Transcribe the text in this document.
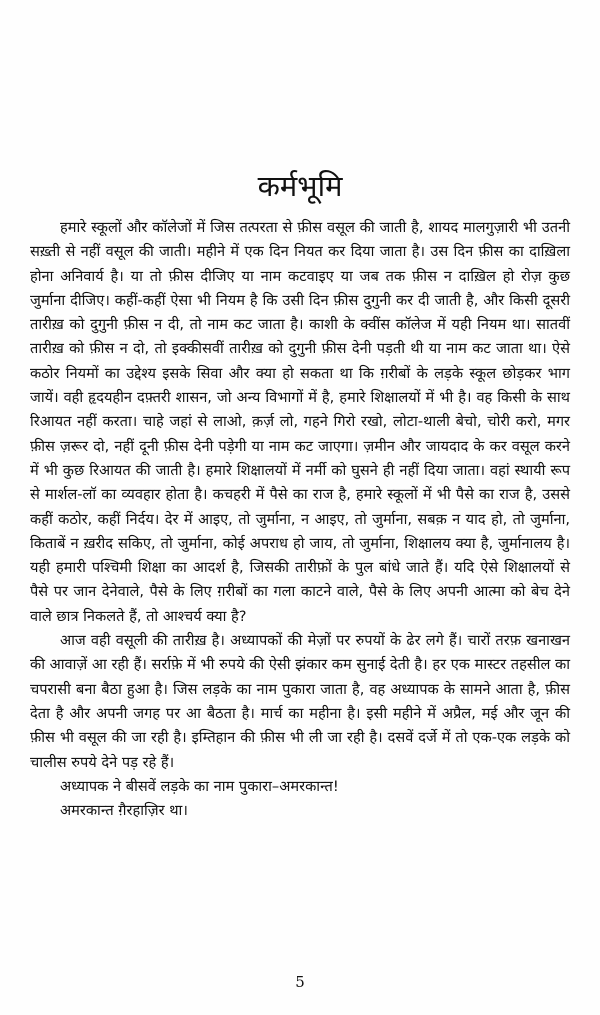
कर्मभूमि

हमारे स्कूलों और कॉलेजों में जिस तत्परता से फ़ीस वसूल की जाती है, शायद मालगुज़ारी भी उतनी सख़्ती से नहीं वसूल की जाती। महीने में एक दिन नियत कर दिया जाता है। उस दिन फ़ीस का दाख़िला होना अनिवार्य है। या तो फ़ीस दीजिए या नाम कटवाइए या जब तक फ़ीस न दाख़िल हो रोज़ कुछ जुर्माना दीजिए। कहीं-कहीं ऐसा भी नियम है कि उसी दिन फ़ीस दुगुनी कर दी जाती है, और किसी दूसरी तारीख़ को दुगुनी फ़ीस न दी, तो नाम कट जाता है। काशी के क्वींस कॉलेज में यही नियम था। सातवीं तारीख़ को फ़ीस न दो, तो इक्कीसवीं तारीख़ को दुगुनी फ़ीस देनी पड़ती थी या नाम कट जाता था। ऐसे कठोर नियमों का उद्देश्य इसके सिवा और क्या हो सकता था कि ग़रीबों के लड़के स्कूल छोड़कर भाग जायें। वही हृदयहीन दफ़्तरी शासन, जो अन्य विभागों में है, हमारे शिक्षालयों में भी है। वह किसी के साथ रिआयत नहीं करता। चाहे जहां से लाओ, क़र्ज़ लो, गहने गिरो रखो, लोटा-थाली बेचो, चोरी करो, मगर फ़ीस ज़रूर दो, नहीं दूनी फ़ीस देनी पड़ेगी या नाम कट जाएगा। ज़मीन और जायदाद के कर वसूल करने में भी कुछ रिआयत की जाती है। हमारे शिक्षालयों में नर्मी को घुसने ही नहीं दिया जाता। वहां स्थायी रूप से मार्शल-लॉ का व्यवहार होता है। कचहरी में पैसे का राज है, हमारे स्कूलों में भी पैसे का राज है, उससे कहीं कठोर, कहीं निर्दय। देर में आइए, तो जुर्माना, न आइए, तो जुर्माना, सबक़ न याद हो, तो जुर्माना, किताबें न ख़रीद सकिए, तो जुर्माना, कोई अपराध हो जाय, तो जुर्माना, शिक्षालय क्या है, जुर्मानालय है। यही हमारी पश्चिमी शिक्षा का आदर्श है, जिसकी तारीफ़ों के पुल बांधे जाते हैं। यदि ऐसे शिक्षालयों से पैसे पर जान देनेवाले, पैसे के लिए ग़रीबों का गला काटने वाले, पैसे के लिए अपनी आत्मा को बेच देने वाले छात्र निकलते हैं, तो आश्चर्य क्या है?

आज वही वसूली की तारीख़ है। अध्यापकों की मेज़ों पर रुपयों के ढेर लगे हैं। चारों तरफ़ खनाखन की आवाज़ें आ रही हैं। सर्राफ़े में भी रुपये की ऐसी झंकार कम सुनाई देती है। हर एक मास्टर तहसील का चपरासी बना बैठा हुआ है। जिस लड़के का नाम पुकारा जाता है, वह अध्यापक के सामने आता है, फ़ीस देता है और अपनी जगह पर आ बैठता है। मार्च का महीना है। इसी महीने में अप्रैल, मई और जून की फ़ीस भी वसूल की जा रही है। इम्तिहान की फ़ीस भी ली जा रही है। दसवें दर्जे में तो एक-एक लड़के को चालीस रुपये देने पड़ रहे हैं।

अध्यापक ने बीसवें लड़के का नाम पुकारा–अमरकान्त!

अमरकान्त ग़ैरहाज़िर था।

5
